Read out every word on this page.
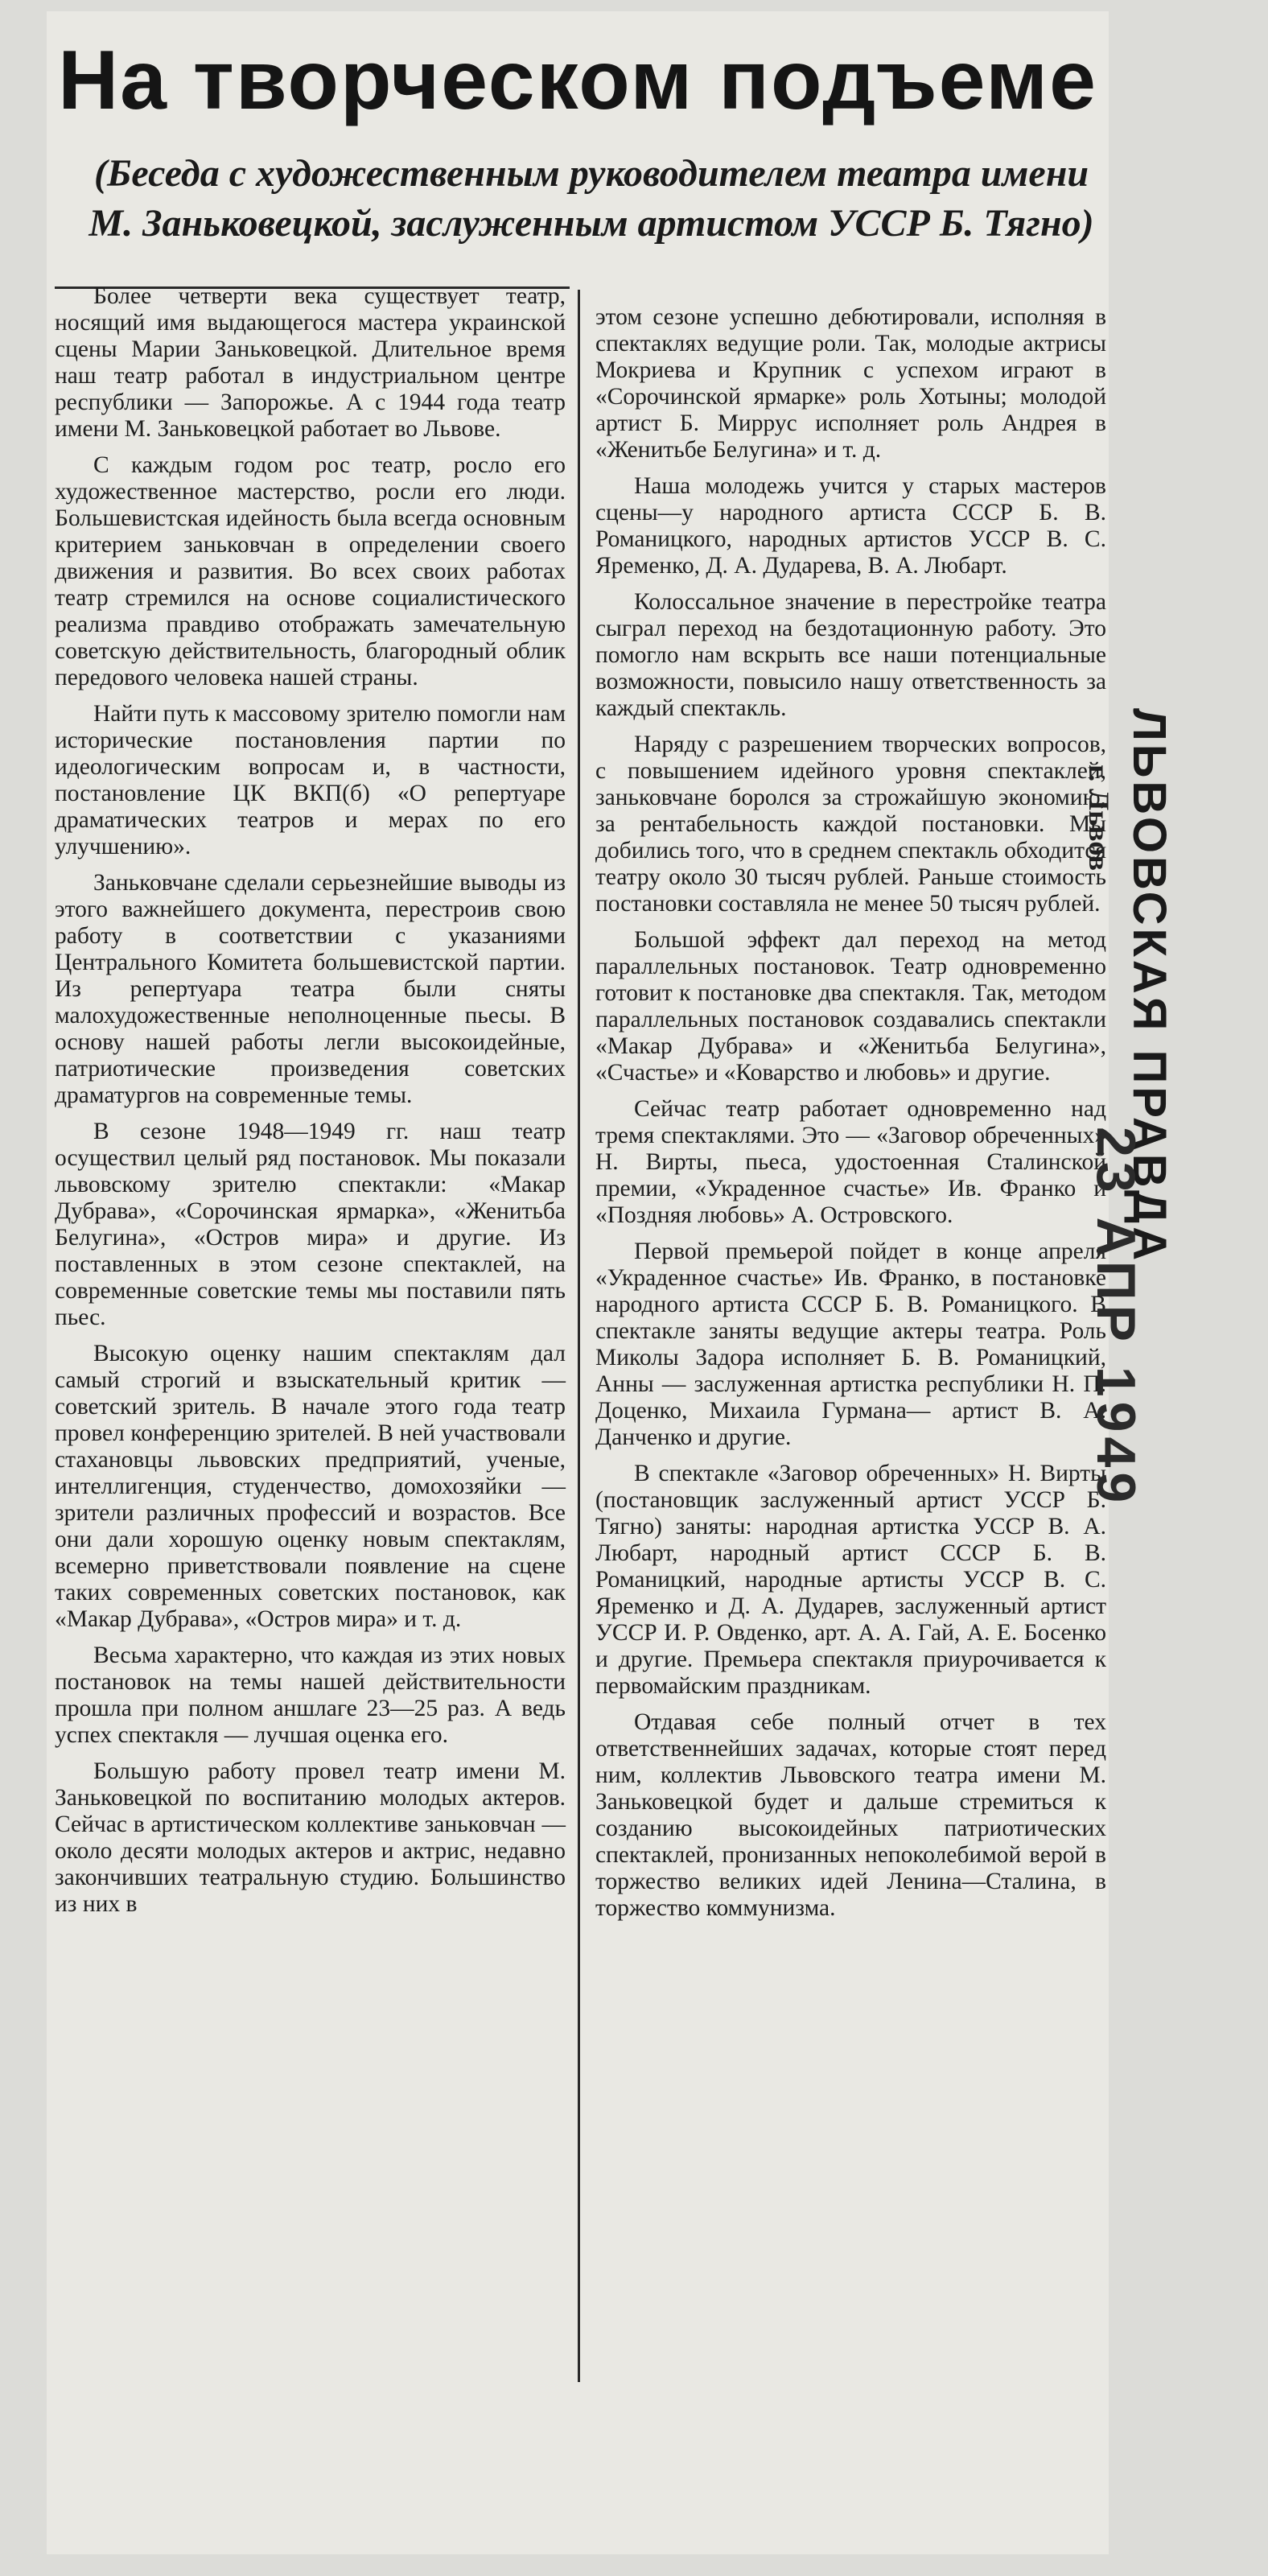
На творческом подъеме

(Беседа с художественным руководителем театра имени М. Заньковецкой, заслуженным артистом УССР Б. Тягно)

Более четверти века существует театр, носящий имя выдающегося мастера украинской сцены Марии Заньковецкой. Длительное время наш театр работал в индустриальном центре республики — Запорожье. А с 1944 года театр имени М. Заньковецкой работает во Львове.

С каждым годом рос театр, росло его художественное мастерство, росли его люди. Большевистская идейность была всегда основным критерием заньковчан в определении своего движения и развития. Во всех своих работах театр стремился на основе социалистического реализма правдиво отображать замечательную советскую действительность, благородный облик передового человека нашей страны.

Найти путь к массовому зрителю помогли нам исторические постановления партии по идеологическим вопросам и, в частности, постановление ЦК ВКП(б) «О репертуаре драматических театров и мерах по его улучшению».

Заньковчане сделали серьезнейшие выводы из этого важнейшего документа, перестроив свою работу в соответствии с указаниями Центрального Комитета большевистской партии. Из репертуара театра были сняты малохудожественные неполноценные пьесы. В основу нашей работы легли высокоидейные, патриотические произведения советских драматургов на современные темы.

В сезоне 1948—1949 гг. наш театр осуществил целый ряд постановок. Мы показали львовскому зрителю спектакли: «Макар Дубрава», «Сорочинская ярмарка», «Женитьба Белугина», «Остров мира» и другие. Из поставленных в этом сезоне спектаклей, на современные советские темы мы поставили пять пьес.

Высокую оценку нашим спектаклям дал самый строгий и взыскательный критик — советский зритель. В начале этого года театр провел конференцию зрителей. В ней участвовали стахановцы львовских предприятий, ученые, интеллигенция, студенчество, домохозяйки — зрители различных профессий и возрастов. Все они дали хорошую оценку новым спектаклям, всемерно приветствовали появление на сцене таких современных советских постановок, как «Макар Дубрава», «Остров мира» и т. д.

Весьма характерно, что каждая из этих новых постановок на темы нашей действительности прошла при полном аншлаге 23—25 раз. А ведь успех спектакля — лучшая оценка его.

Большую работу провел театр имени М. Заньковецкой по воспитанию молодых актеров. Сейчас в артистическом коллективе заньковчан — около десяти молодых актеров и актрис, недавно закончивших театральную студию. Большинство из них в

этом сезоне успешно дебютировали, исполняя в спектаклях ведущие роли. Так, молодые актрисы Мокриева и Крупник с успехом играют в «Сорочинской ярмарке» роль Хотыны; молодой артист Б. Миррус исполняет роль Андрея в «Женитьбе Белугина» и т. д.

Наша молодежь учится у старых мастеров сцены—у народного артиста СССР Б. В. Романицкого, народных артистов УССР В. С. Яременко, Д. А. Дударева, В. А. Любарт.

Колоссальное значение в перестройке театра сыграл переход на бездотационную работу. Это помогло нам вскрыть все наши потенциальные возможности, повысило нашу ответственность за каждый спектакль.

Наряду с разрешением творческих вопросов, с повышением идейного уровня спектаклей, заньковчане боролся за строжайшую экономию, за рентабельность каждой постановки. Мы добились того, что в среднем спектакль обходится театру около 30 тысяч рублей. Раньше стоимость постановки составляла не менее 50 тысяч рублей.

Большой эффект дал переход на метод параллельных постановок. Театр одновременно готовит к постановке два спектакля. Так, методом параллельных постановок создавались спектакли «Макар Дубрава» и «Женитьба Белугина», «Счастье» и «Коварство и любовь» и другие.

Сейчас театр работает одновременно над тремя спектаклями. Это — «Заговор обреченных» Н. Вирты, пьеса, удостоенная Сталинской премии, «Украденное счастье» Ив. Франко и «Поздняя любовь» А. Островского.

Первой премьерой пойдет в конце апреля «Украденное счастье» Ив. Франко, в постановке народного артиста СССР Б. В. Романицкого. В спектакле заняты ведущие актеры театра. Роль Миколы Задора исполняет Б. В. Романицкий, Анны — заслуженная артистка республики Н. П. Доценко, Михаила Гурмана— артист В. А. Данченко и другие.

В спектакле «Заговор обреченных» Н. Вирты (постановщик заслуженный артист УССР Б. Тягно) заняты: народная артистка УССР В. А. Любарт, народный артист СССР Б. В. Романицкий, народные артисты УССР В. С. Яременко и Д. А. Дударев, заслуженный артист УССР И. Р. Овденко, арт. А. А. Гай, А. Е. Босенко и другие. Премьера спектакля приурочивается к первомайским праздникам.

Отдавая себе полный отчет в тех ответственнейших задачах, которые стоят перед ним, коллектив Львовского театра имени М. Заньковецкой будет и дальше стремиться к созданию высокоидейных патриотических спектаклей, пронизанных непоколебимой верой в торжество великих идей Ленина—Сталина, в торжество коммунизма.

ЛЬВОВСКАЯ ПРАВДА
г. Львов
23 АПР 1949
